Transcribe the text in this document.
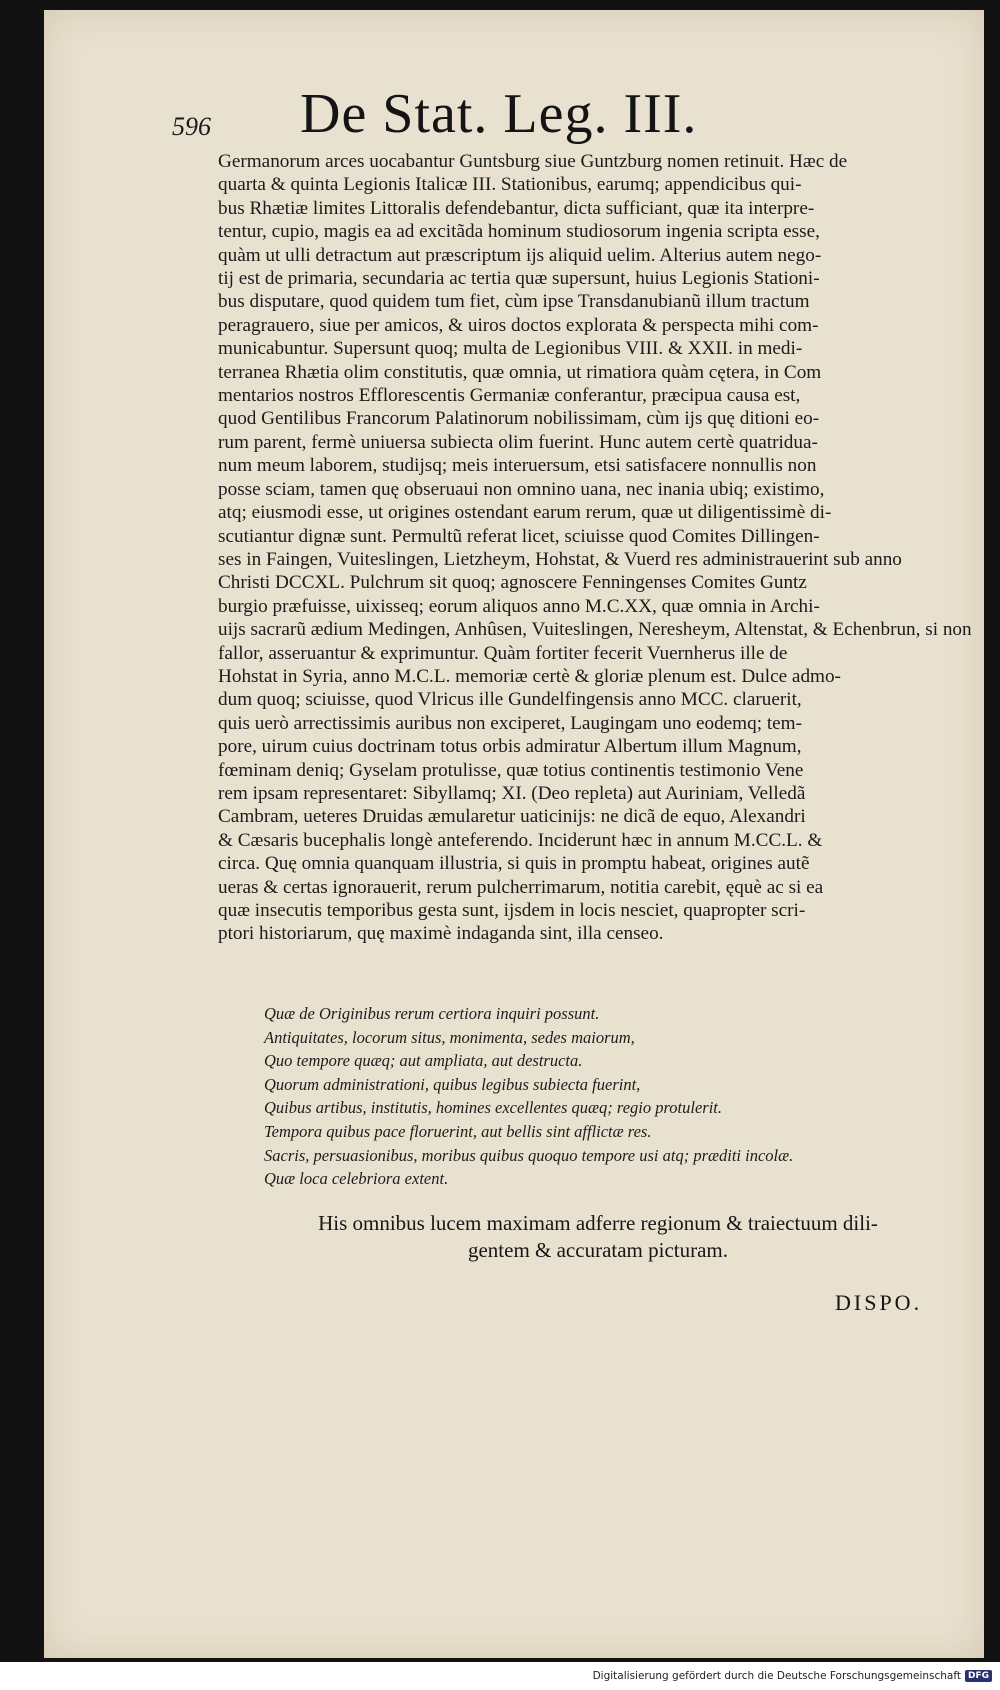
596 De Stat. Leg. III.
Germanorum arces uocabantur Guntsburg siue Guntzburg nomen retinuit. Hæc de
quarta & quinta Legionis Italicæ III. Stationibus, earumq; appendicibus qui-
bus Rhætiæ limites Littoralis defendebantur, dicta sufficiant, quæ ita interpre-
tentur, cupio, magis ea ad excitãda hominum studiosorum ingenia scripta esse,
quàm ut ulli detractum aut præscriptum ijs aliquid uelim. Alterius autem nego-
tij est de primaria, secundaria ac tertia quæ supersunt, huius Legionis Stationi-
bus disputare, quod quidem tum fiet, cùm ipse Transdanubianũ illum tractum
peragrauero, siue per amicos, & uiros doctos explorata & perspecta mihi com-
municabuntur. Supersunt quoq; multa de Legionibus VIII. & XXII. in medi-
terranea Rhætia olim constitutis, quæ omnia, ut rimatiora quàm cętera, in Com
mentarios nostros Efflorescentis Germaniæ conferantur, præcipua causa est,
quod Gentilibus Francorum Palatinorum nobilissimam, cùm ijs quę ditioni eo-
rum parent, fermè uniuersa subiecta olim fuerint. Hunc autem certè quatridua-
num meum laborem, studijsq; meis interuersum, etsi satisfacere nonnullis non
posse sciam, tamen quę obseruaui non omnino uana, nec inania ubiq; existimo,
atq; eiusmodi esse, ut origines ostendant earum rerum, quæ ut diligentissimè di-
scutiantur dignæ sunt. Permultũ referat licet, sciuisse quod Comites Dillingen-
ses in Faingen, Vuiteslingen, Lietzheym, Hohstat, & Vuerd res administrauerint sub anno
Christi DCCXL. Pulchrum sit quoq; agnoscere Fenningenses Comites Guntz
burgio præfuisse, uixisseq; eorum aliquos anno M.C.XX, quæ omnia in Archi-
uijs sacrarũ ædium Medingen, Anhûsen, Vuiteslingen, Neresheym, Altenstat, & Echenbrun, si non
fallor, asseruantur & exprimuntur. Quàm fortiter fecerit Vuernherus ille de
Hohstat in Syria, anno M.C.L. memoriæ certè & gloriæ plenum est. Dulce admo-
dum quoq; sciuisse, quod Vlricus ille Gundelfingensis anno MCC. claruerit,
quis uerò arrectissimis auribus non exciperet, Laugingam uno eodemq; tem-
pore, uirum cuius doctrinam totus orbis admiratur Albertum illum Magnum,
fœminam deniq; Gyselam protulisse, quæ totius continentis testimonio Vene
rem ipsam representaret: Sibyllamq; XI. (Deo repleta) aut Auriniam, Velledã
Cambram, ueteres Druidas æmularetur uaticinijs: ne dicã de equo, Alexandri
& Cæsaris bucephalis longè anteferendo. Inciderunt hæc in annum M.CC.L. &
circa. Quę omnia quanquam illustria, si quis in promptu habeat, origines autẽ
ueras & certas ignorauerit, rerum pulcherrimarum, notitia carebit, ęquè ac si ea
quæ insecutis temporibus gesta sunt, ijsdem in locis nesciet, quapropter scri-
ptori historiarum, quę maximè indaganda sint, illa censeo.
Quæ de Originibus rerum certiora inquiri possunt.
Antiquitates, locorum situs, monimenta, sedes maiorum,
Quo tempore quæq; aut ampliata, aut destructa.
Quorum administrationi, quibus legibus subiecta fuerint,
Quibus artibus, institutis, homines excellentes quæq; regio protulerit.
Tempora quibus pace floruerint, aut bellis sint afflictæ res.
Sacris, persuasionibus, moribus quibus quoquo tempore usi atq; præditi incolæ.
Quæ loca celebriora extent.
His omnibus lucem maximam adferre regionum & traiectuum dili-
gentem & accuratam picturam.
DISPO.
Digitalisierung gefördert durch die Deutsche Forschungsgemeinschaft DFG
